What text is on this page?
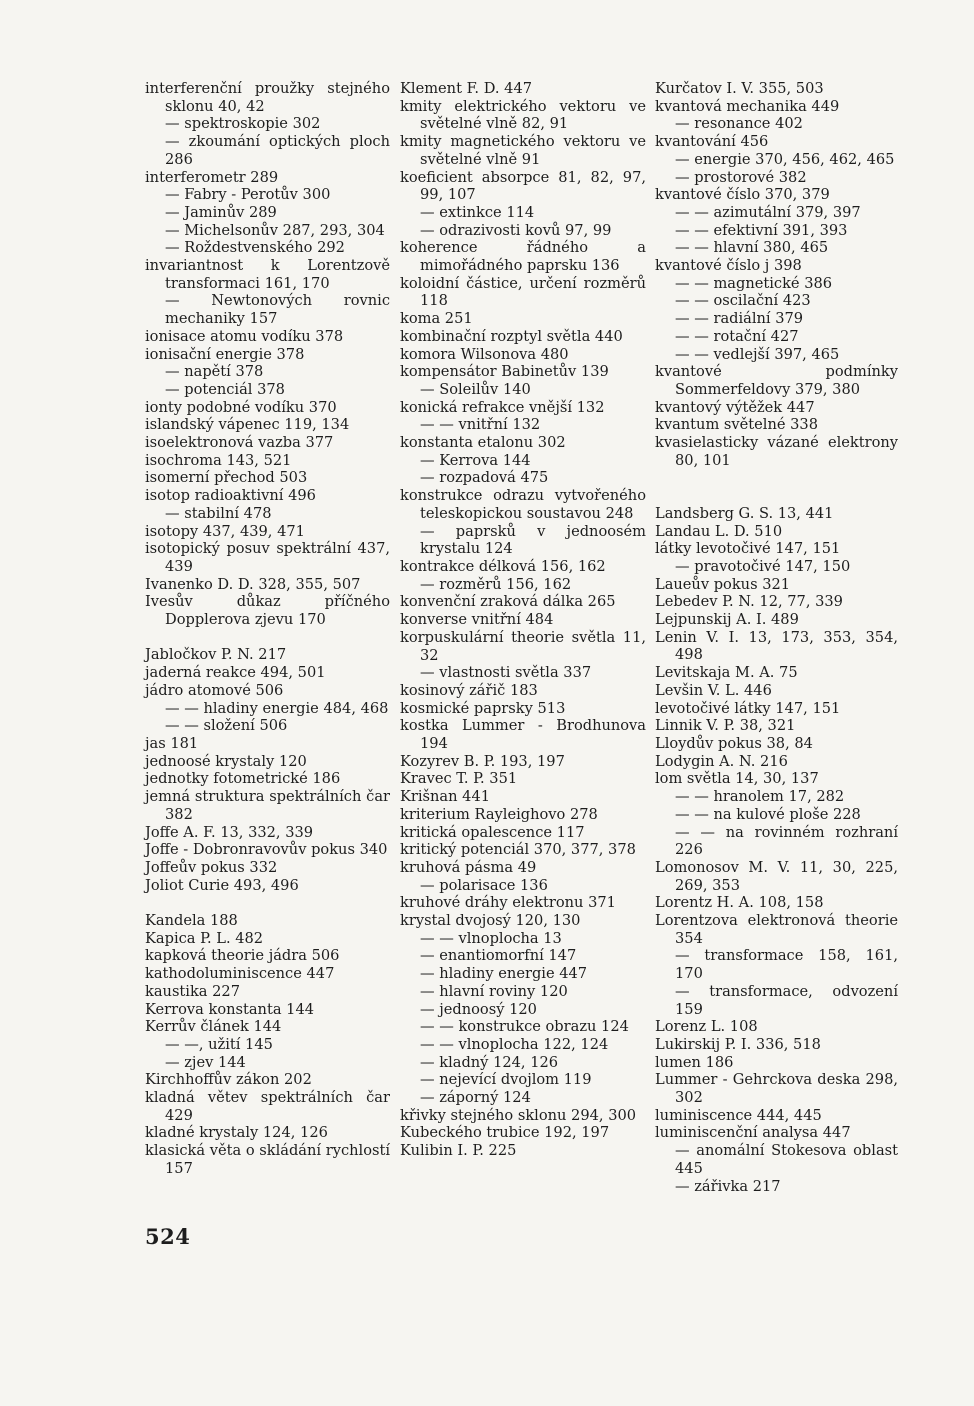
interferenční proužky stejného sklonu 40, 42
— spektroskopie 302
— zkoumání optických ploch 286
interferometr 289
— Fabry - Perotův 300
— Jaminův 289
— Michelsonův 287, 293, 304
— Roždestvenského 292
invariantnost k Lorentzově transformaci 161, 170
— Newtonových rovnic mechaniky 157
ionisace atomu vodíku 378
ionisační energie 378
— napětí 378
— potenciál 378
ionty podobné vodíku 370
islandský vápenec 119, 134
isoelektronová vazba 377
isochroma 143, 521
isomerní přechod 503
isotop radioaktivní 496
— stabilní 478
isotopy 437, 439, 471
isotopický posuv spektrální 437, 439
Ivanenko D. D. 328, 355, 507
Ivesův důkaz příčného Dopplerova zjevu 170
Jabločkov P. N. 217
jaderná reakce 494, 501
jádro atomové 506
— — hladiny energie 484, 468
— — složení 506
jas 181
jednoosé krystaly 120
jednotky fotometrické 186
jemná struktura spektrálních čar 382
Joffe A. F. 13, 332, 339
Joffe - Dobronravovův pokus 340
Joffeův pokus 332
Joliot Curie 493, 496
Kandela 188
Kapica P. L. 482
kapková theorie jádra 506
kathodoluminiscence 447
kaustika 227
Kerrova konstanta 144
Kerrův článek 144
— —, užití 145
— zjev 144
Kirchhoffův zákon 202
kladná větev spektrálních čar 429
kladné krystaly 124, 126
klasická věta o skládání rychlostí 157
Klement F. D. 447
kmity elektrického vektoru ve světelné vlně 82, 91
kmity magnetického vektoru ve světelné vlně 91
koeficient absorpce 81, 82, 97, 99, 107
— extinkce 114
— odrazivosti kovů 97, 99
koherence řádného a mimořádného paprsku 136
koloidní částice, určení rozměrů 118
koma 251
kombinační rozptyl světla 440
komora Wilsonova 480
kompensátor Babinetův 139
— Soleilův 140
konická refrakce vnější 132
— — vnitřní 132
konstanta etalonu 302
— Kerrova 144
— rozpadová 475
konstrukce odrazu vytvořeného teleskopickou soustavou 248
— paprsků v jednoosém krystalu 124
kontrakce délková 156, 162
— rozměrů 156, 162
konvenční zraková dálka 265
konverse vnitřní 484
korpuskulární theorie světla 11, 32
— vlastnosti světla 337
kosinový zářič 183
kosmické paprsky 513
kostka Lummer - Brodhunova 194
Kozyrev B. P. 193, 197
Kravec T. P. 351
Krišnan 441
kriterium Rayleighovo 278
kritická opalescence 117
kritický potenciál 370, 377, 378
kruhová pásma 49
— polarisace 136
kruhové dráhy elektronu 371
krystal dvojosý 120, 130
— — vlnoplocha 13
— enantiomorfní 147
— hladiny energie 447
— hlavní roviny 120
— jednoosý 120
— — konstrukce obrazu 124
— — vlnoplocha 122, 124
— kladný 124, 126
— nejevící dvojlom 119
— záporný 124
křivky stejného sklonu 294, 300
Kubeckého trubice 192, 197
Kulibin I. P. 225
Kurčatov I. V. 355, 503
kvantová mechanika 449
— resonance 402
kvantování 456
— energie 370, 456, 462, 465
— prostorové 382
kvantové číslo 370, 379
— — azimutální 379, 397
— — efektivní 391, 393
— — hlavní 380, 465
kvantové číslo j 398
— — magnetické 386
— — oscilační 423
— — radiální 379
— — rotační 427
— — vedlejší 397, 465
kvantové podmínky Sommerfeldovy 379, 380
kvantový výtěžek 447
kvantum světelné 338
kvasielasticky vázané elektrony 80, 101
Landsberg G. S. 13, 441
Landau L. D. 510
látky levotočivé 147, 151
— pravotočivé 147, 150
Laueův pokus 321
Lebedev P. N. 12, 77, 339
Lejpunskij A. I. 489
Lenin V. I. 13, 173, 353, 354, 498
Levitskaja M. A. 75
Levšin V. L. 446
levotočivé látky 147, 151
Linnik V. P. 38, 321
Lloydův pokus 38, 84
Lodygin A. N. 216
lom světla 14, 30, 137
— — hranolem 17, 282
— — na kulové ploše 228
— — na rovinném rozhraní 226
Lomonosov M. V. 11, 30, 225, 269, 353
Lorentz H. A. 108, 158
Lorentzova elektronová theorie 354
— transformace 158, 161, 170
— transformace, odvození 159
Lorenz L. 108
Lukirskij P. I. 336, 518
lumen 186
Lummer - Gehrckova deska 298, 302
luminiscence 444, 445
luminiscenční analysa 447
— anomální Stokesova oblast 445
— zářivka 217
524
